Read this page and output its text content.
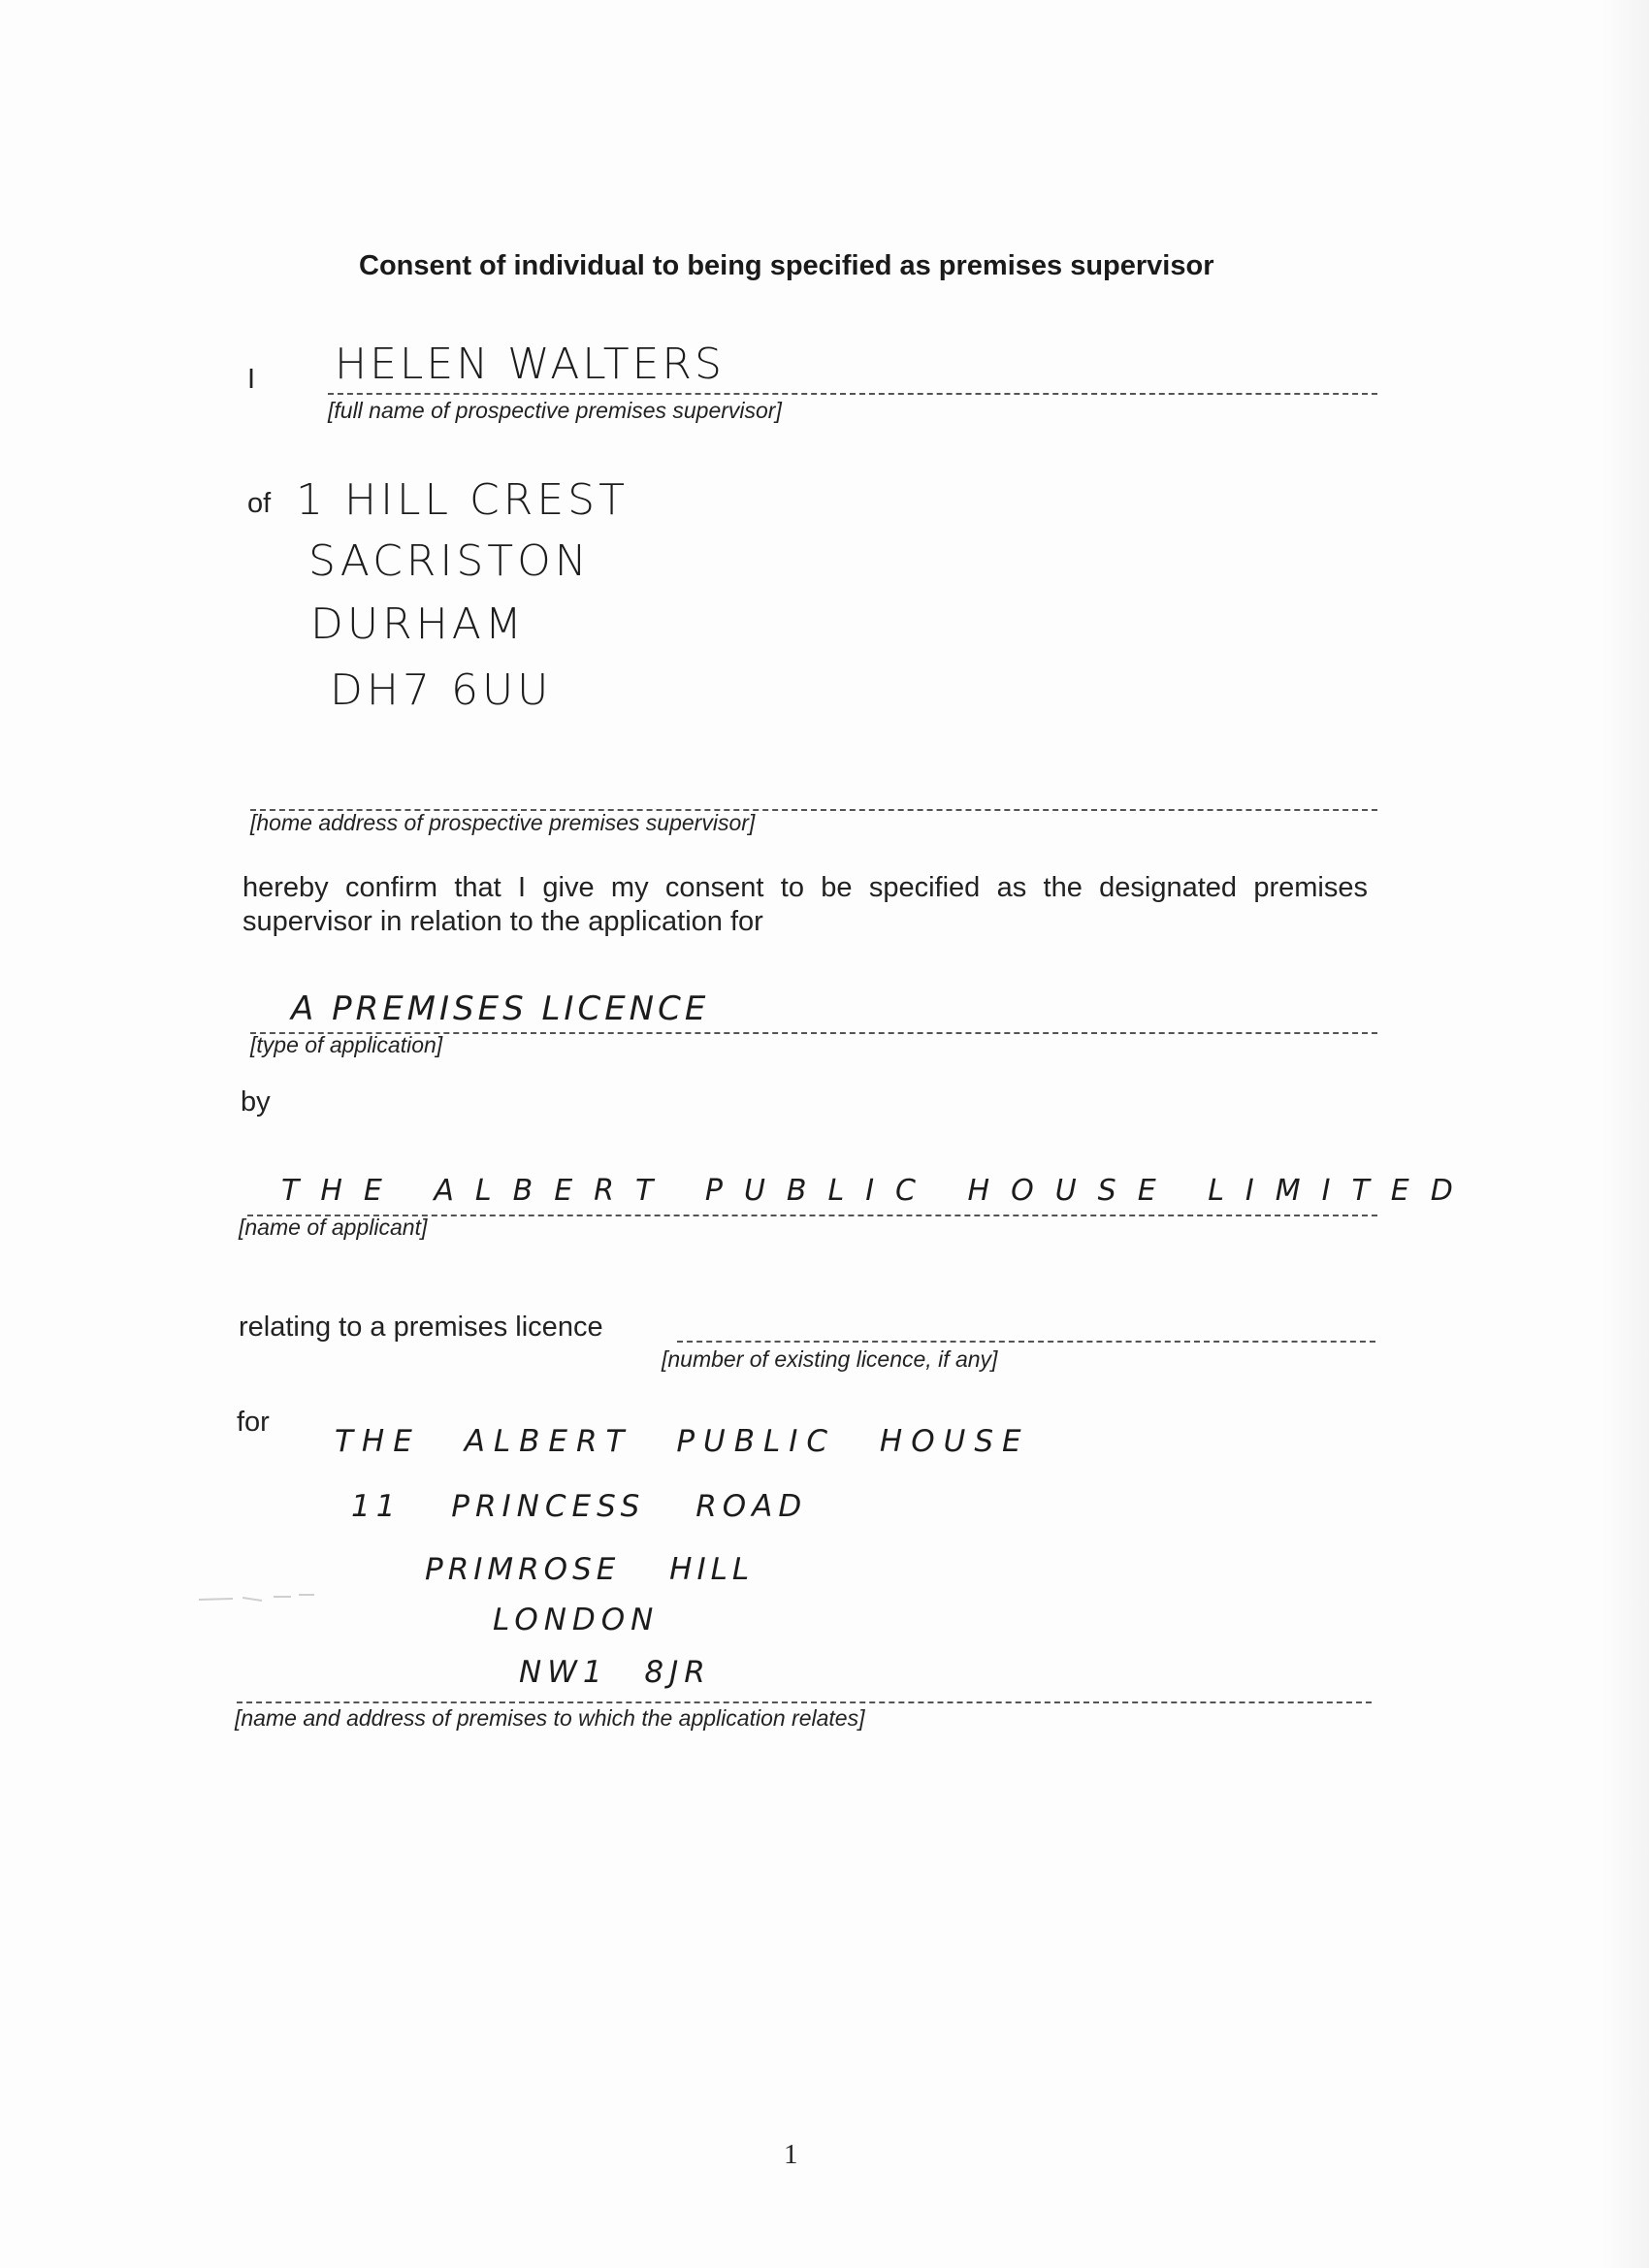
Consent of individual to being specified as premises supervisor
I HELEN WALTERS
[full name of prospective premises supervisor]
of 1 HILL CREST
SACRISTON
DURHAM
DH7 6UU
[home address of prospective premises supervisor]
hereby confirm that I give my consent to be specified as the designated premises supervisor in relation to the application for
A PREMISES LICENCE
[type of application]
by
THE ALBERT PUBLIC HOUSE LIMITED
[name of applicant]
relating to a premises licence
[number of existing licence, if any]
for
THE ALBERT PUBLIC HOUSE
11 PRINCESS ROAD
PRIMROSE HILL
LONDON
NW1 8JR
[name and address of premises to which the application relates]
1
